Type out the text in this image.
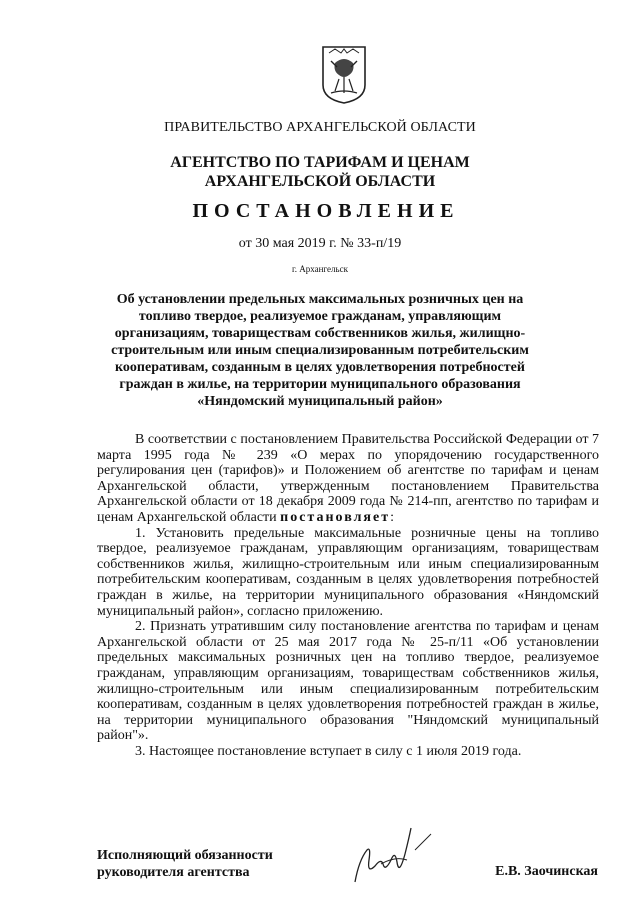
ПРАВИТЕЛЬСТВО АРХАНГЕЛЬСКОЙ ОБЛАСТИ
АГЕНТСТВО ПО ТАРИФАМ И ЦЕНАМ
АРХАНГЕЛЬСКОЙ ОБЛАСТИ
ПОСТАНОВЛЕНИЕ
от 30 мая 2019 г. № 33-п/19
г. Архангельск
Об установлении предельных максимальных розничных цен на топливо твердое, реализуемое гражданам, управляющим организациям, товариществам собственников жилья, жилищно-строительным или иным специализированным потребительским кооперативам, созданным в целях удовлетворения потребностей граждан в жилье, на территории муниципального образования «Няндомский муниципальный район»

В соответствии с постановлением Правительства Российской Федерации от 7 марта 1995 года № 239 «О мерах по упорядочению государственного регулирования цен (тарифов)» и Положением об агентстве по тарифам и ценам Архангельской области, утвержденным постановлением Правительства Архангельской области от 18 декабря 2009 года № 214-пп, агентство по тарифам и ценам Архангельской области постановляет:

1. Установить предельные максимальные розничные цены на топливо твердое, реализуемое гражданам, управляющим организациям, товариществам собственников жилья, жилищно-строительным или иным специализированным потребительским кооперативам, созданным в целях удовлетворения потребностей граждан в жилье, на территории муниципального образования «Няндомский муниципальный район», согласно приложению.

2. Признать утратившим силу постановление агентства по тарифам и ценам Архангельской области от 25 мая 2017 года № 25-п/11 «Об установлении предельных максимальных розничных цен на топливо твердое, реализуемое гражданам, управляющим организациям, товариществам собственников жилья, жилищно-строительным или иным специализированным потребительским кооперативам, созданным в целях удовлетворения потребностей граждан в жилье, на территории муниципального образования "Няндомский муниципальный район"».

3. Настоящее постановление вступает в силу с 1 июля 2019 года.

Исполняющий обязанности
руководителя агентства	Е.В. Заочинская
